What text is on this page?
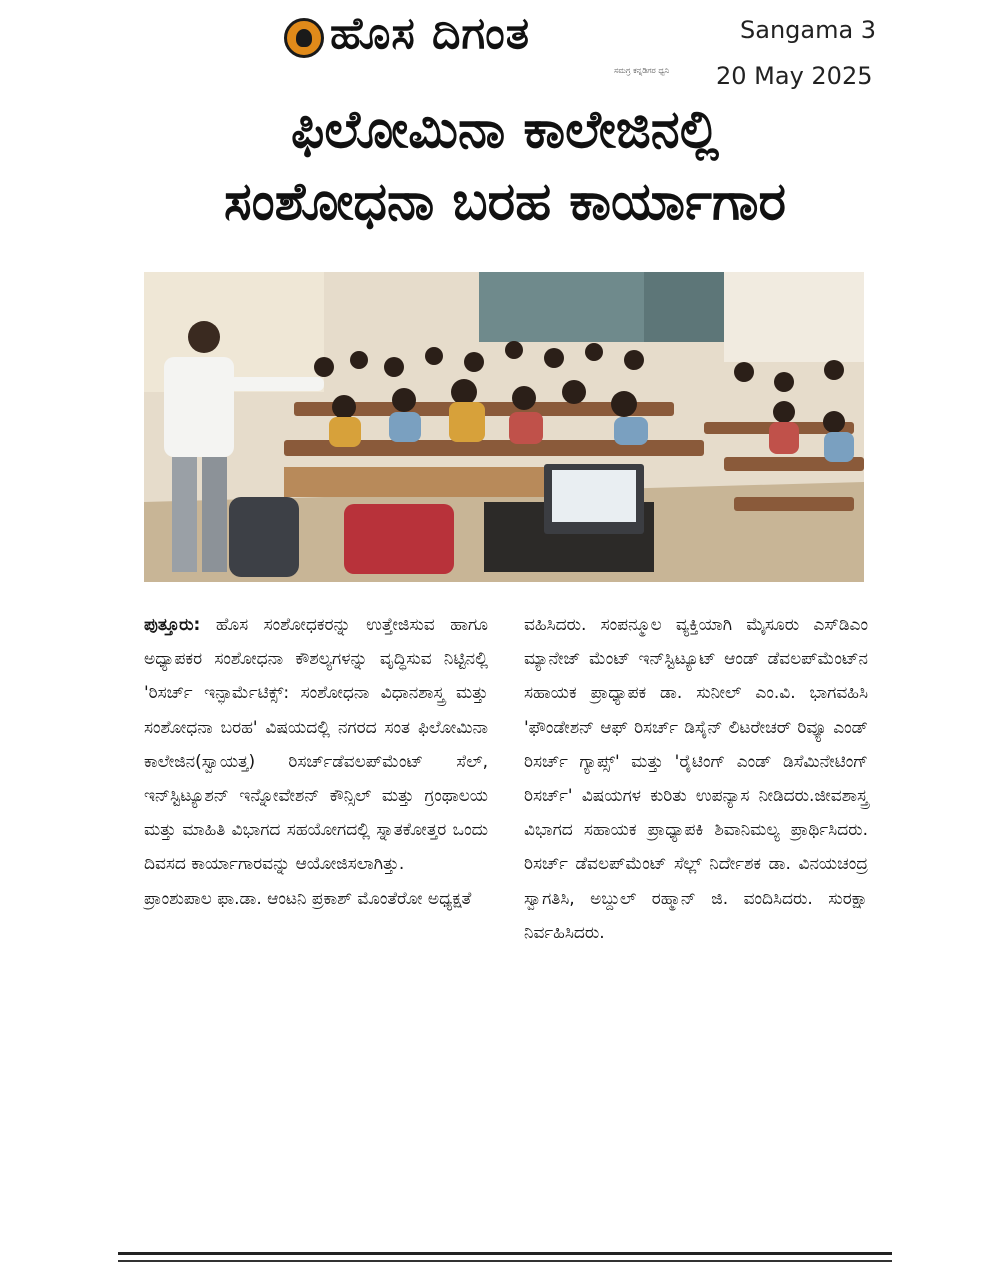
ಹೊಸ ದಿಗಂತ
ಸಮಗ್ರ ಕನ್ನಡಿಗರ ಧ್ವನಿ
Sangama 3
20 May 2025
ಫಿಲೋಮಿನಾ ಕಾಲೇಜಿನಲ್ಲಿ
ಸಂಶೋಧನಾ ಬರಹ ಕಾರ್ಯಾಗಾರ

ಪುತ್ತೂರು: ಹೊಸ ಸಂಶೋಧಕರನ್ನು ಉತ್ತೇಜಿಸುವ ಹಾಗೂ ಅಧ್ಯಾಪಕರ ಸಂಶೋಧನಾ ಕೌಶಲ್ಯಗಳನ್ನು ವೃದ್ಧಿಸುವ ನಿಟ್ಟಿನಲ್ಲಿ 'ರಿಸರ್ಚ್ ಇನ್ಫಾರ್ಮೆಟಿಕ್ಸ್: ಸಂಶೋಧನಾ ವಿಧಾನಶಾಸ್ತ್ರ ಮತ್ತು ಸಂಶೋಧನಾ ಬರಹ' ವಿಷಯದಲ್ಲಿ ನಗರದ ಸಂತ ಫಿಲೋಮಿನಾ ಕಾಲೇಜಿನ(ಸ್ವಾಯತ್ತ) ರಿಸರ್ಚ್‌ಡೆವಲಪ್‌ಮೆಂಟ್ ಸೆಲ್, ಇನ್‌ಸ್ಟಿಟ್ಯೂಶನ್ ಇನ್ನೋವೇಶನ್ ಕೌನ್ಸಿಲ್ ಮತ್ತು ಗ್ರಂಥಾಲಯ ಮತ್ತು ಮಾಹಿತಿ ವಿಭಾಗದ ಸಹಯೋಗದಲ್ಲಿ ಸ್ನಾತಕೋತ್ತರ ಒಂದು ದಿವಸದ ಕಾರ್ಯಾಗಾರವನ್ನು ಆಯೋಜಿಸಲಾಗಿತ್ತು.

ಪ್ರಾಂಶುಪಾಲ ಫಾ.ಡಾ. ಆಂಟನಿ ಪ್ರಕಾಶ್ ಮೊಂತೆರೋ ಅಧ್ಯಕ್ಷತೆ

ವಹಿಸಿದರು. ಸಂಪನ್ಮೂಲ ವ್ಯಕ್ತಿಯಾಗಿ ಮೈಸೂರು ಎಸ್‌ಡಿಎಂ ಮ್ಯಾನೇಜ್ ಮೆಂಟ್ ಇನ್‌ಸ್ಟಿಟ್ಯೂಟ್ ಆಂಡ್ ಡೆವಲಪ್‌ಮೆಂಟ್‌ನ ಸಹಾಯಕ ಪ್ರಾಧ್ಯಾಪಕ ಡಾ. ಸುನೀಲ್ ಎಂ.ವಿ. ಭಾಗವಹಿಸಿ 'ಫೌಂಡೇಶನ್ ಆಫ್ ರಿಸರ್ಚ್ ಡಿಸೈನ್ ಲಿಟರೇಚರ್ ರಿವ್ಯೂ ಎಂಡ್ ರಿಸರ್ಚ್ ಗ್ಯಾಪ್ಸ್' ಮತ್ತು 'ರೈಟಿಂಗ್ ಎಂಡ್ ಡಿಸೆಮಿನೇಟಿಂಗ್ ರಿಸರ್ಚ್' ವಿಷಯಗಳ ಕುರಿತು ಉಪನ್ಯಾಸ ನೀಡಿದರು.ಜೀವಶಾಸ್ತ್ರ ವಿಭಾಗದ ಸಹಾಯಕ ಪ್ರಾಧ್ಯಾಪಕಿ ಶಿವಾನಿಮಲ್ಯ ಪ್ರಾರ್ಥಿಸಿದರು. ರಿಸರ್ಚ್ ಡೆವಲಪ್‌ಮೆಂಟ್ ಸೆಲ್ಲ್ ನಿರ್ದೇಶಕ ಡಾ. ವಿನಯಚಂದ್ರ ಸ್ವಾಗತಿಸಿ, ಅಬ್ದುಲ್ ರಹ್ಮಾನ್ ಜಿ. ವಂದಿಸಿದರು. ಸುರಕ್ಷಾ ನಿರ್ವಹಿಸಿದರು.
